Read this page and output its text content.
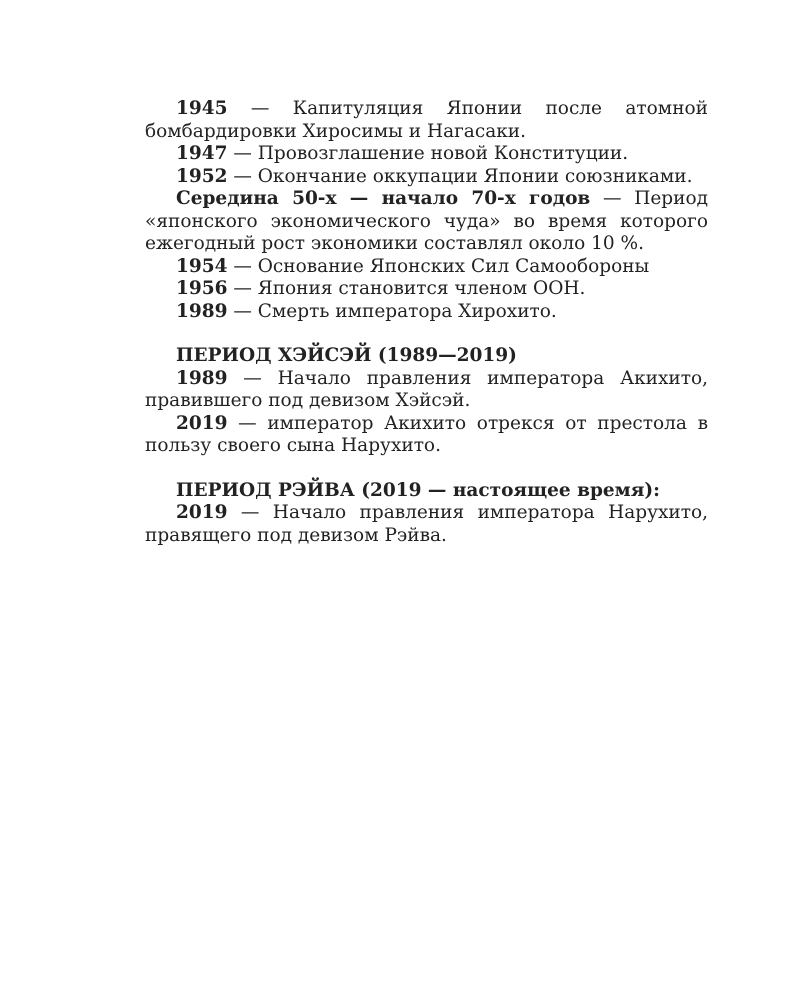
1945 — Капитуляция Японии после атомной бомбардировки Хиросимы и Нагасаки.

1947 — Провозглашение новой Конституции.

1952 — Окончание оккупации Японии союзниками.

Середина 50-х — начало 70-х годов — Период «японского экономического чуда» во время которого ежегодный рост экономики составлял около 10 %.

1954 — Основание Японских Сил Самообороны

1956 — Япония становится членом ООН.

1989 — Смерть императора Хирохито.

ПЕРИОД ХЭЙСЭЙ (1989—2019)

1989 — Начало правления императора Акихито, правившего под девизом Хэйсэй.

2019 — император Акихито отрекся от престола в пользу своего сына Нарухито.

ПЕРИОД РЭЙВА (2019 — настоящее время):

2019 — Начало правления императора Нарухито, правящего под девизом Рэйва.
